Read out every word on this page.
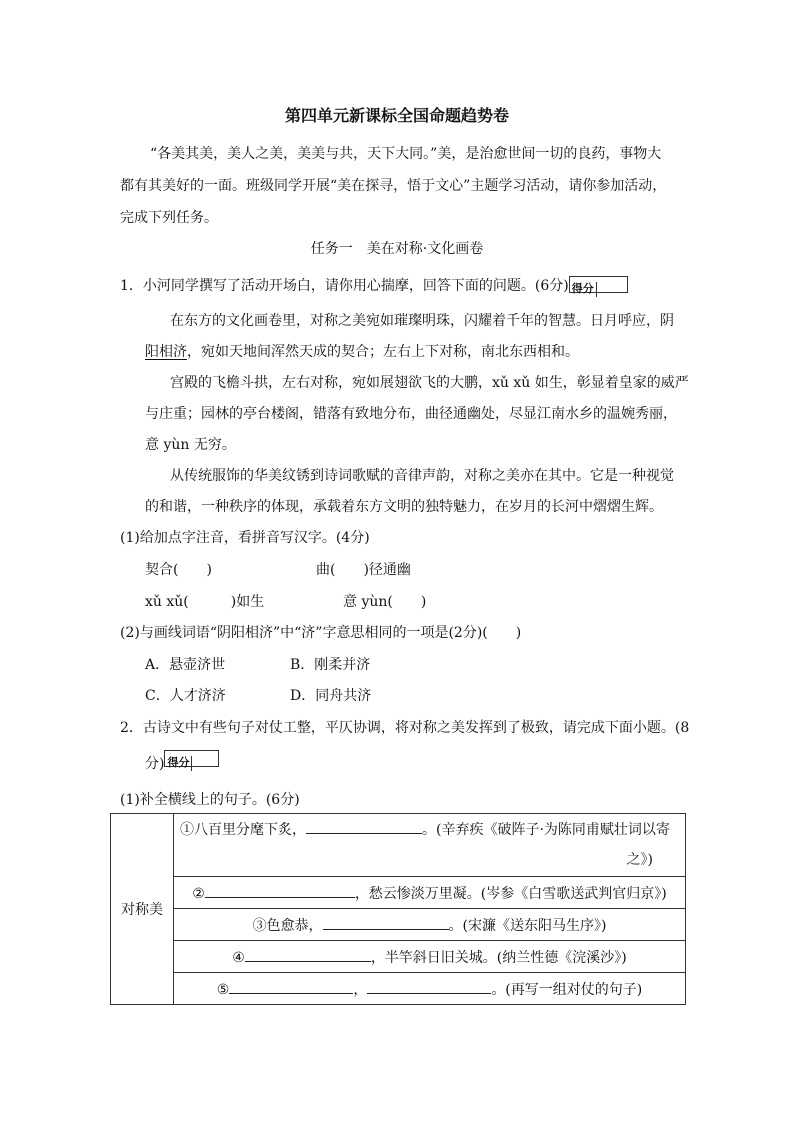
第四单元新课标全国命题趋势卷
“各美其美，美人之美，美美与共，天下大同。”美，是治愈世间一切的良药，事物大
都有其美好的一面。班级同学开展“美在探寻，悟于文心”主题学习活动，请你参加活动，
完成下列任务。
任务一　美在对称·文化画卷
1．小河同学撰写了活动开场白，请你用心揣摩，回答下面的问题。(6分) 得分
在东方的文化画卷里，对称之美宛如璀璨明珠，闪耀着千年的智慧。日月呼应，阴
阳相济，宛如天地间浑然天成的契合；左右上下对称，南北东西相和。
宫殿的飞檐斗拱，左右对称，宛如展翅欲飞的大鹏，xǔ xǔ 如生，彰显着皇家的威严
与庄重；园林的亭台楼阁，错落有致地分布，曲径通幽处，尽显江南水乡的温婉秀丽，
意 yùn 无穷。
从传统服饰的华美纹锈到诗词歌赋的音律声韵，对称之美亦在其中。它是一种视觉
的和谐，一种秩序的体现，承载着东方文明的独特魅力，在岁月的长河中熠熠生辉。
(1)给加点字注音，看拼音写汉字。(4分)
契合(　　)	曲(　　)径通幽
xǔ xǔ(　　　)如生	意 yùn(　　)
(2)与画线词语“阴阳相济”中“济”字意思相同的一项是(2分)(　　)
A．悬壶济世	B．刚柔并济
C．人才济济	D．同舟共济
2．古诗文中有些句子对仗工整，平仄协调，将对称之美发挥到了极致，请完成下面小题。(8
分) 得分
(1)补全横线上的句子。(6分)
对称美	
①八百里分麾下炙，	。(辛弃疾《破阵子·为陈同甫赋壮词以寄
之》)

②	，愁云惨淡万里凝。(岑参《白雪歌送武判官归京》)
③色愈恭，	。(宋濂《送东阳马生序》)
④	，半竿斜日旧关城。(纳兰性德《浣溪沙》)
⑤	，	。(再写一组对仗的句子)
